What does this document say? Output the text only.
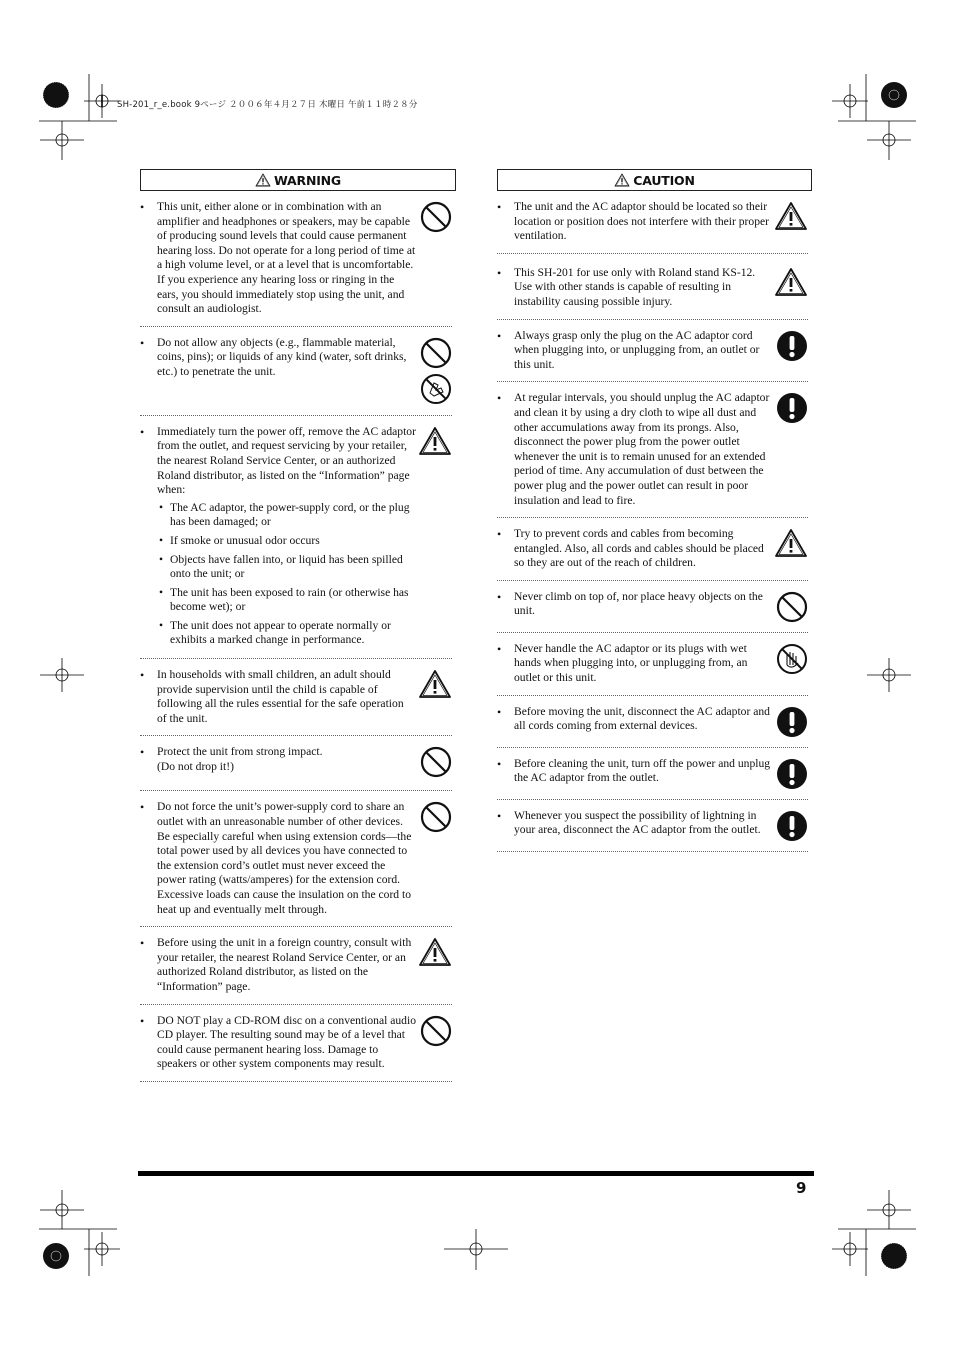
SH-201_r_e.book 9ページ ２００６年４月２７日 木曜日 午前１１時２８分
WARNING
•	This unit, either alone or in combination with an amplifier and headphones or speakers, may be capable of producing sound levels that could cause permanent hearing loss. Do not operate for a long period of time at a high volume level, or at a level that is uncomfortable. If you experience any hearing loss or ringing in the ears, you should immediately stop using the unit, and consult an audiologist.
•	Do not allow any objects (e.g., flammable material, coins, pins); or liquids of any kind (water, soft drinks, etc.) to penetrate the unit.
•	Immediately turn the power off, remove the AC adaptor from the outlet, and request servicing by your retailer, the nearest Roland Service Center, or an authorized Roland distributor, as listed on the “Information” page when:
• The AC adaptor, the power-supply cord, or the plug has been damaged; or
• If smoke or unusual odor occurs
• Objects have fallen into, or liquid has been spilled onto the unit; or
• The unit has been exposed to rain (or otherwise has become wet); or
• The unit does not appear to operate normally or exhibits a marked change in performance.
•	In households with small children, an adult should provide supervision until the child is capable of following all the rules essential for the safe operation of the unit.
•	Protect the unit from strong impact.
(Do not drop it!)
•	Do not force the unit’s power-supply cord to share an outlet with an unreasonable number of other devices. Be especially careful when using extension cords—the total power used by all devices you have connected to the extension cord’s outlet must never exceed the power rating (watts/amperes) for the extension cord. Excessive loads can cause the insulation on the cord to heat up and eventually melt through.
•	Before using the unit in a foreign country, consult with your retailer, the nearest Roland Service Center, or an authorized Roland distributor, as listed on the “Information” page.
•	DO NOT play a CD-ROM disc on a conventional audio CD player. The resulting sound may be of a level that could cause permanent hearing loss. Damage to speakers or other system components may result.
CAUTION
•	The unit and the AC adaptor should be located so their location or position does not interfere with their proper ventilation.
•	This SH-201 for use only with Roland stand KS-12. Use with other stands is capable of resulting in instability causing possible injury.
•	Always grasp only the plug on the AC adaptor cord when plugging into, or unplugging from, an outlet or this unit.
•	At regular intervals, you should unplug the AC adaptor and clean it by using a dry cloth to wipe all dust and other accumulations away from its prongs. Also, disconnect the power plug from the power outlet whenever the unit is to remain unused for an extended period of time. Any accumulation of dust between the power plug and the power outlet can result in poor insulation and lead to fire.
•	Try to prevent cords and cables from becoming entangled. Also, all cords and cables should be placed so they are out of the reach of children.
•	Never climb on top of, nor place heavy objects on the unit.
•	Never handle the AC adaptor or its plugs with wet hands when plugging into, or unplugging from, an outlet or this unit.
•	Before moving the unit, disconnect the AC adaptor and all cords coming from external devices.
•	Before cleaning the unit, turn off the power and unplug the AC adaptor from the outlet.
•	Whenever you suspect the possibility of lightning in your area, disconnect the AC adaptor from the outlet.
9
